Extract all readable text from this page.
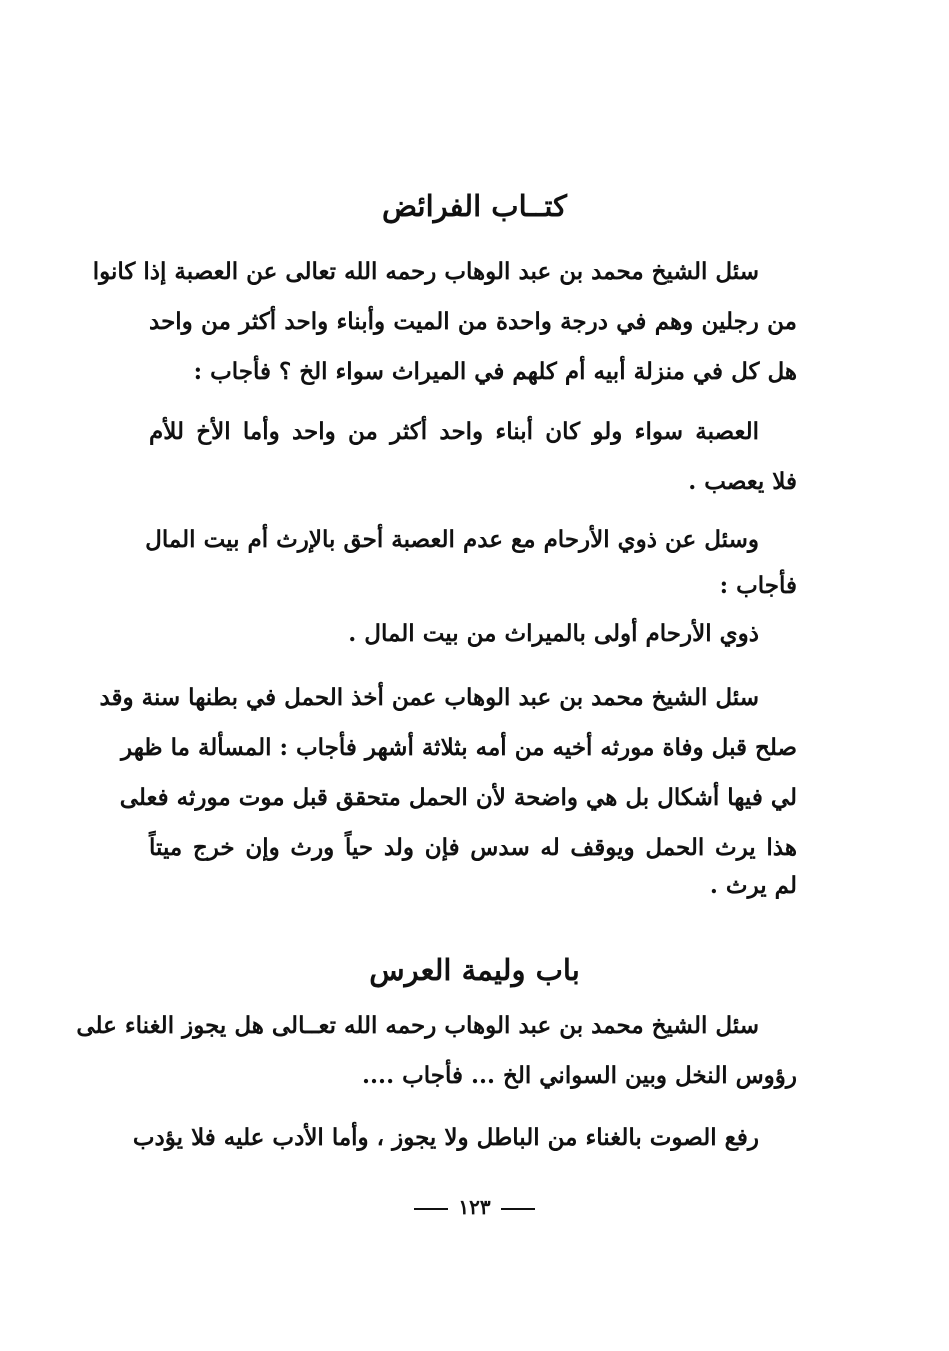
كتــاب الفرائض
سئل الشيخ محمد بن عبد الوهاب رحمه الله تعالى عن العصبة إذا كانوا
من رجلين وهم في درجة واحدة من الميت وأبناء واحد أكثر من واحد
هل كل في منزلة أبيه أم كلهم في الميراث سواء الخ ؟ فأجاب :
العصبة سواء ولو كان أبناء واحد أكثر من واحد وأما الأخ للأم
فلا يعصب .
وسئل عن ذوي الأرحام مع عدم العصبة أحق بالإرث أم بيت المال
فأجاب :
ذوي الأرحام أولى بالميراث من بيت المال .
سئل الشيخ محمد بن عبد الوهاب عمن أخذ الحمل في بطنها سنة وقد
صلح قبل وفاة مورثه أخيه من أمه بثلاثة أشهر فأجاب : المسألة ما ظهر
لي فيها أشكال بل هي واضحة لأن الحمل متحقق قبل موت مورثه فعلى
هذا يرث الحمل ويوقف له سدس فإن ولد حياً ورث وإن خرج ميتاً
لم يرث .
باب وليمة العرس
سئل الشيخ محمد بن عبد الوهاب رحمه الله تعــالى هل يجوز الغناء على
رؤوس النخل وبين السواني الخ ... فأجاب ....
رفع الصوت بالغناء من الباطل ولا يجوز ، وأما الأدب عليه فلا يؤدب
١٢٣
